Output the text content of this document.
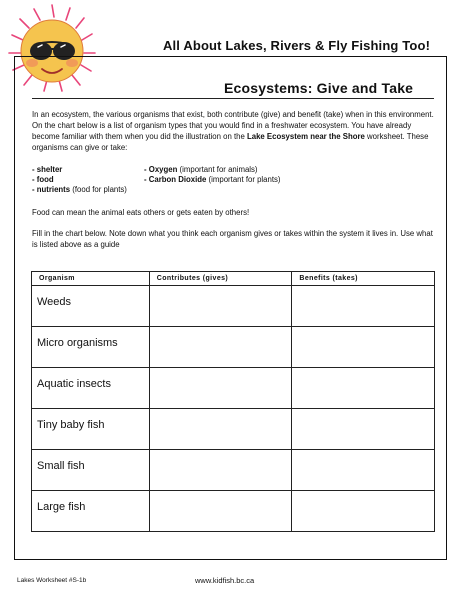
All About Lakes, Rivers & Fly Fishing Too!
Ecosystems: Give and Take
In an ecosystem, the various organisms that exist, both contribute (give) and benefit (take) when in this environment. On the chart below is a list of organism types that you would find in a freshwater ecosystem. You have already become familiar with them when you did the illustration on the Lake Ecosystem near the Shore worksheet. These organisms can give or take:
- shelter	- Oxygen (important for animals)
- food	- Carbon Dioxide (important for plants)
- nutrients (food for plants)
Food can mean the animal eats others or gets eaten by others!
Fill in the chart below. Note down what you think each organism gives or takes within the system it lives in. Use what is listed above as a guide
Organism	Contributes (gives)	Benefits (takes)
Weeds		
Micro organisms		
Aquatic insects		
Tiny baby fish		
Small fish		
Large fish		
Lakes Worksheet #S-1b	www.kidfish.bc.ca
